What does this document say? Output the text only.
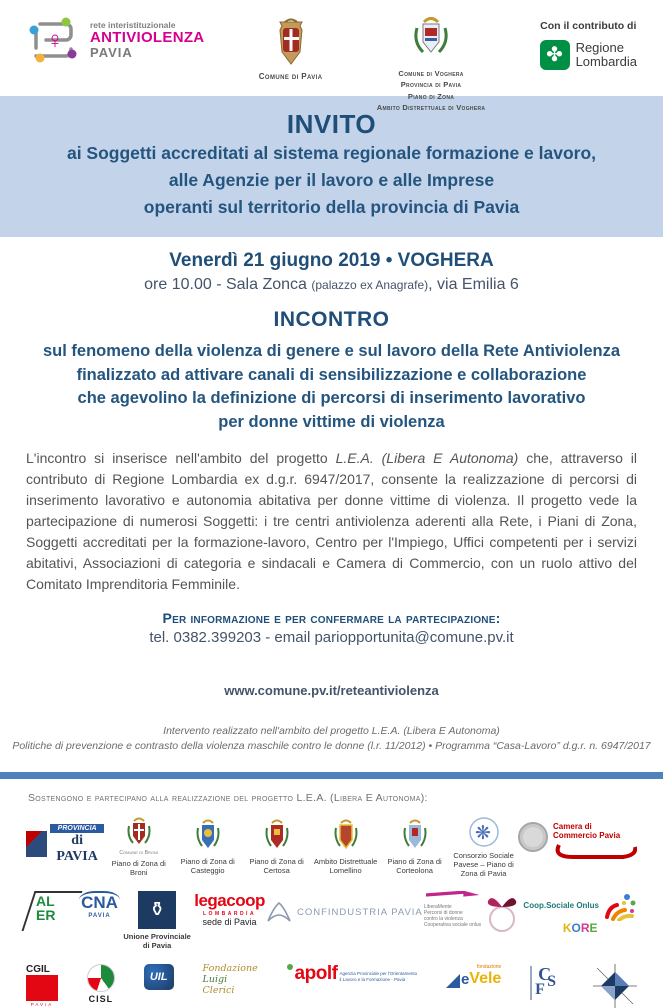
♀
rete interistituzionale
ANTIVIOLENZA
PAVIA
Comune di Pavia	Comune di Voghera
Provincia di Pavia
Piano di Zona
Ambito Distrettuale di Voghera
Con il contributo di
✤ Regione
Lombardia
INVITO
ai Soggetti accreditati al sistema regionale formazione e lavoro,
alle Agenzie per il lavoro e alle Imprese
operanti sul territorio della provincia di Pavia
Venerdì 21 giugno 2019 • VOGHERA
ore 10.00 - Sala Zonca (palazzo ex Anagrafe), via Emilia 6
INCONTRO
sul fenomeno della violenza di genere e sul lavoro della Rete Antiviolenza
finalizzato ad attivare canali di sensibilizzazione e collaborazione
che agevolino la definizione di percorsi di inserimento lavorativo
per donne vittime di violenza

L'incontro si inserisce nell'ambito del progetto L.E.A. (Libera E Autonoma) che, attraverso il contributo di Regione Lombardia ex d.g.r. 6947/2017, consente la realizzazione di percorsi di inserimento lavorativo e autonomia abitativa per donne vittime di violenza. Il progetto vede la partecipazione di numerosi Soggetti: i tre centri antiviolenza aderenti alla Rete, i Piani di Zona, Soggetti accreditati per la formazione-lavoro, Centro per l'Impiego, Uffici competenti per i servizi abitativi, Associazioni di categoria e sindacali e Camera di Commercio, con un ruolo attivo del Comitato Imprenditoria Femminile.

Per informazione e per confermare la partecipazione:
tel. 0382.399203 - email pariopportunita@comune.pv.it
www.comune.pv.it/reteantiviolenza
Intervento realizzato nell'ambito del progetto L.E.A. (Libera E Autonoma)
Politiche di prevenzione e contrasto della violenza maschile contro le donne (l.r. 11/2012) • Programma “Casa-Lavoro” d.g.r. n. 6947/2017
Sostengono e partecipano alla realizzazione del progetto L.E.A. (Libera E Autonoma):
PROVINCIA
di PAVIA	Comune di Broni
Piano di Zona di Broni
Piano di Zona di Casteggio
Piano di Zona di Certosa
Ambito Distrettuale Lomellino
Piano di Zona di Corteolona
❋
Consorzio Sociale Pavese – Piano di Zona di Pavia
Camera di Commercio Pavia
AL
ER
CNA
PAVIA	⚱
Unione Provinciale di Pavia
legacoop
LOMBARDIA
sede di Pavia
CONFINDUSTRIA PAVIA
LiberaMente
Percorsi di donne
contro la violenza
Cooperativa sociale onlus
Coop.Sociale Onlus
KORE
CGIL
PAVIA
CISL
UIL
Fondazione
Luigi
Clerici
apolf Agenzia Provinciale per l'Orientamento
il Lavoro e la Formazione - Pavia
fondazione
e Vele C
S
F
